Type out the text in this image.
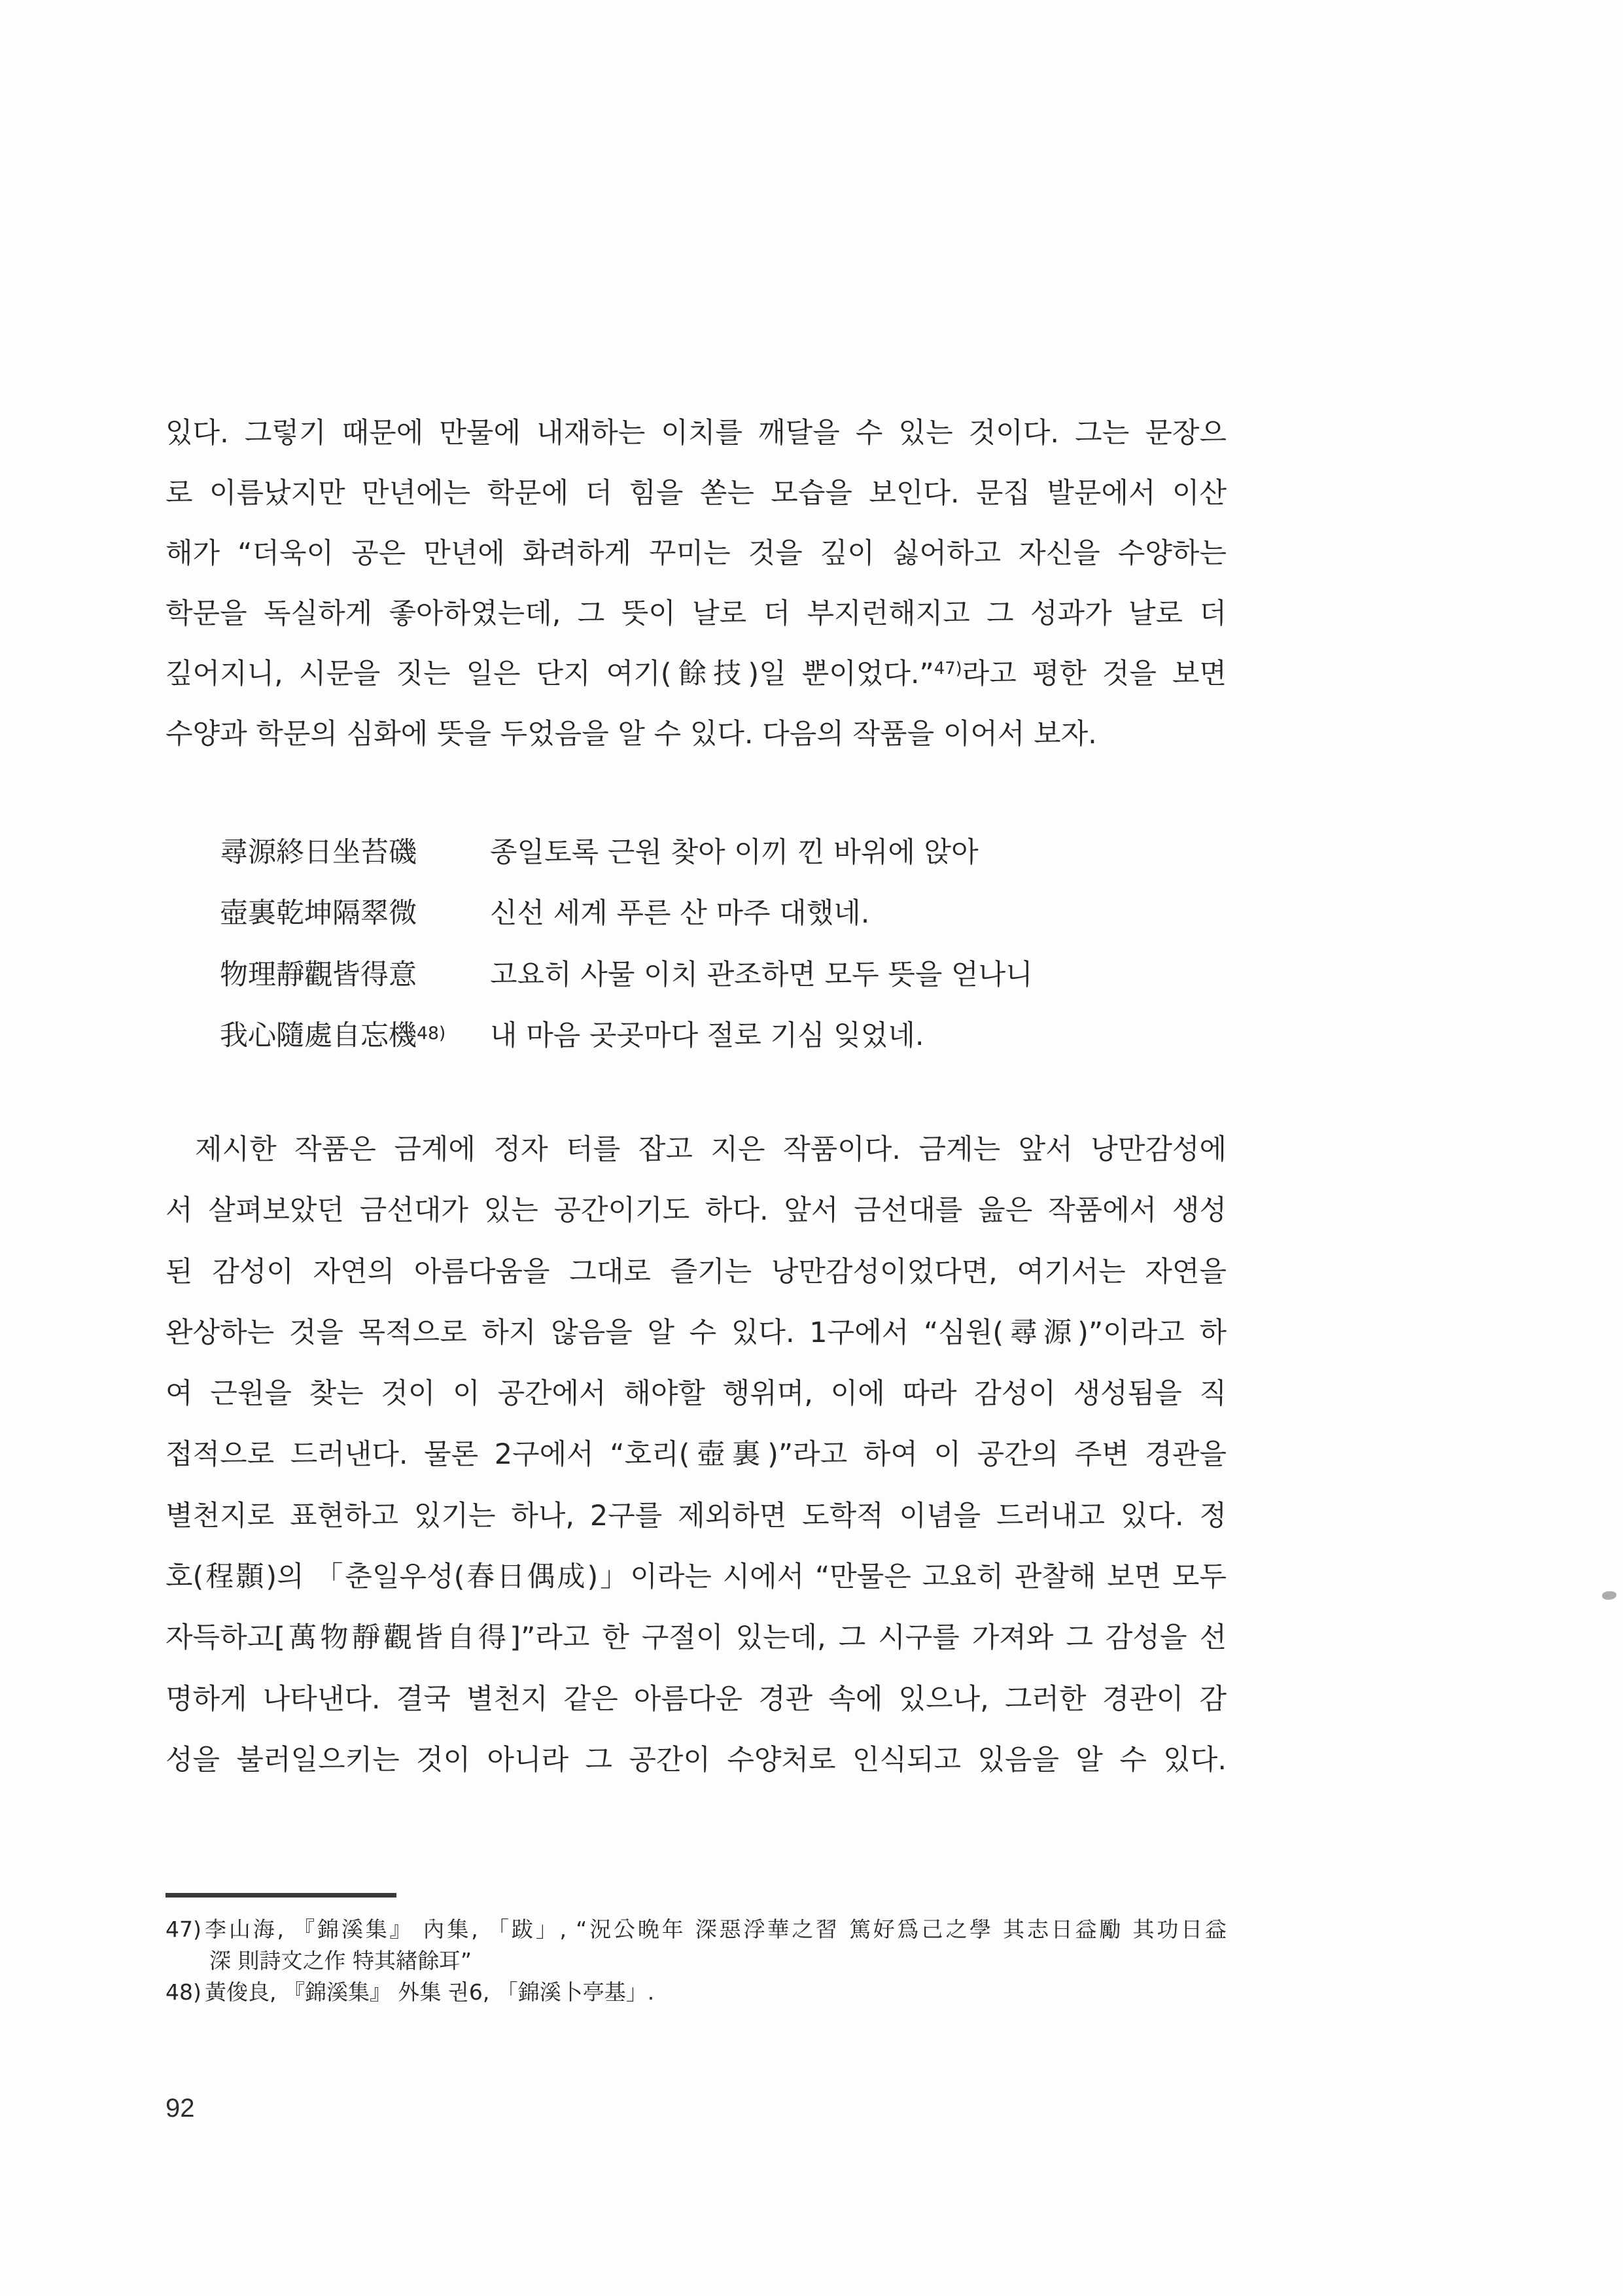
있다. 그렇기 때문에 만물에 내재하는 이치를 깨달을 수 있는 것이다. 그는 문장으
로 이름났지만 만년에는 학문에 더 힘을 쏟는 모습을 보인다. 문집 발문에서 이산
해가 “더욱이 공은 만년에 화려하게 꾸미는 것을 깊이 싫어하고 자신을 수양하는
학문을 독실하게 좋아하였는데, 그 뜻이 날로 더 부지런해지고 그 성과가 날로 더
깊어지니, 시문을 짓는 일은 단지 여기(餘技)일 뿐이었다.”$^{47)}$라고 평한 것을 보면
수양과 학문의 심화에 뜻을 두었음을 알 수 있다. 다음의 작품을 이어서 보자.
尋源終日坐苔磯	종일토록 근원 찾아 이끼 낀 바위에 앉아
壺裏乾坤隔翠微	신선 세계 푸른 산 마주 대했네.
物理靜觀皆得意	고요히 사물 이치 관조하면 모두 뜻을 얻나니
我心隨處自忘機$^{48)}$	내 마음 곳곳마다 절로 기심 잊었네.
제시한 작품은 금계에 정자 터를 잡고 지은 작품이다. 금계는 앞서 낭만감성에
서 살펴보았던 금선대가 있는 공간이기도 하다. 앞서 금선대를 읊은 작품에서 생성
된 감성이 자연의 아름다움을 그대로 즐기는 낭만감성이었다면, 여기서는 자연을
완상하는 것을 목적으로 하지 않음을 알 수 있다. 1구에서 “심원(尋源)”이라고 하
여 근원을 찾는 것이 이 공간에서 해야할 행위며, 이에 따라 감성이 생성됨을 직
접적으로 드러낸다. 물론 2구에서 “호리(壺裏)”라고 하여 이 공간의 주변 경관을
별천지로 표현하고 있기는 하나, 2구를 제외하면 도학적 이념을 드러내고 있다. 정
호(程顥)의 「춘일우성(春日偶成)」이라는 시에서 “만물은 고요히 관찰해 보면 모두
자득하고[萬物靜觀皆自得]”라고 한 구절이 있는데, 그 시구를 가져와 그 감성을 선
명하게 나타낸다. 결국 별천지 같은 아름다운 경관 속에 있으나, 그러한 경관이 감
성을 불러일으키는 것이 아니라 그 공간이 수양처로 인식되고 있음을 알 수 있다.
47) 李山海, 『錦溪集』 內集, 「跋」, “況公晩年 深惡浮華之習 篤好爲己之學 其志日益勵 其功日益
深 則詩文之作 特其緖餘耳”
48) 黃俊良, 『錦溪集』 外集 권6, 「錦溪卜亭基」.
92
